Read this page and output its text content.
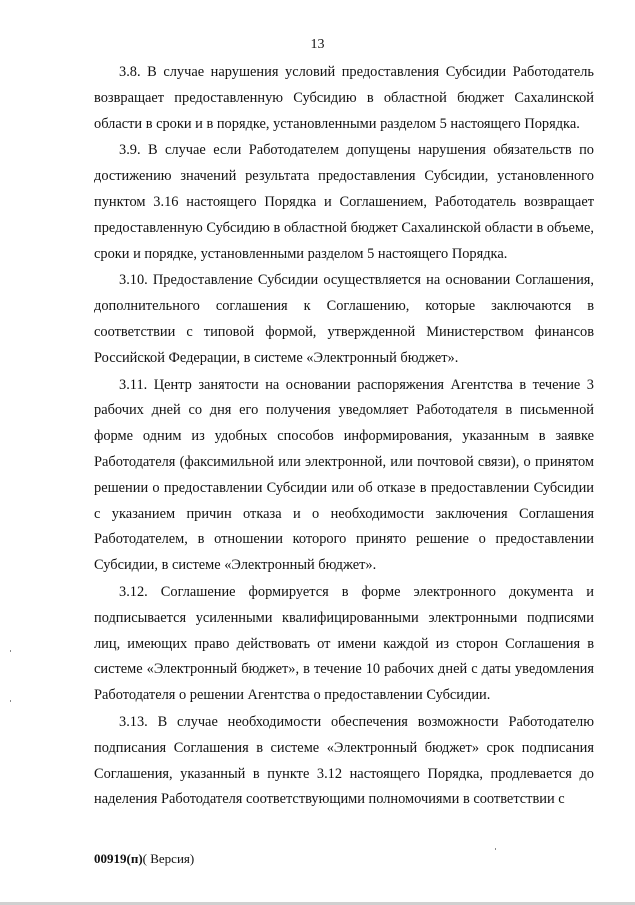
13

3.8. В случае нарушения условий предоставления Субсидии Работодатель возвращает предоставленную Субсидию в областной бюджет Сахалинской области в сроки и в порядке, установленными разделом 5 настоящего Порядка.

3.9. В случае если Работодателем допущены нарушения обязательств по достижению значений результата предоставления Субсидии, установленного пунктом 3.16 настоящего Порядка и Соглашением, Работодатель возвращает предоставленную Субсидию в областной бюджет Сахалинской области в объеме, сроки и порядке, установленными разделом 5 настоящего Порядка.

3.10. Предоставление Субсидии осуществляется на основании Соглашения, дополнительного соглашения к Соглашению, которые заключаются в соответствии с типовой формой, утвержденной Министерством финансов Российской Федерации, в системе «Электронный бюджет».

3.11. Центр занятости на основании распоряжения Агентства в течение 3 рабочих дней со дня его получения уведомляет Работодателя в письменной форме одним из удобных способов информирования, указанным в заявке Работодателя (факсимильной или электронной, или почтовой связи), о принятом решении о предоставлении Субсидии или об отказе в предоставлении Субсидии с указанием причин отказа и о необходимости заключения Соглашения Работодателем, в отношении которого принято решение о предоставлении Субсидии, в системе «Электронный бюджет».

3.12. Соглашение формируется в форме электронного документа и подписывается усиленными квалифицированными электронными подписями лиц, имеющих право действовать от имени каждой из сторон Соглашения в системе «Электронный бюджет», в течение 10 рабочих дней с даты уведомления Работодателя о решении Агентства о предоставлении Субсидии.

3.13. В случае необходимости обеспечения возможности Работодателю подписания Соглашения в системе «Электронный бюджет» срок подписания Соглашения, указанный в пункте 3.12 настоящего Порядка, продлевается до наделения Работодателя соответствующими полномочиями в соответствии с

00919(п)( Версия)
